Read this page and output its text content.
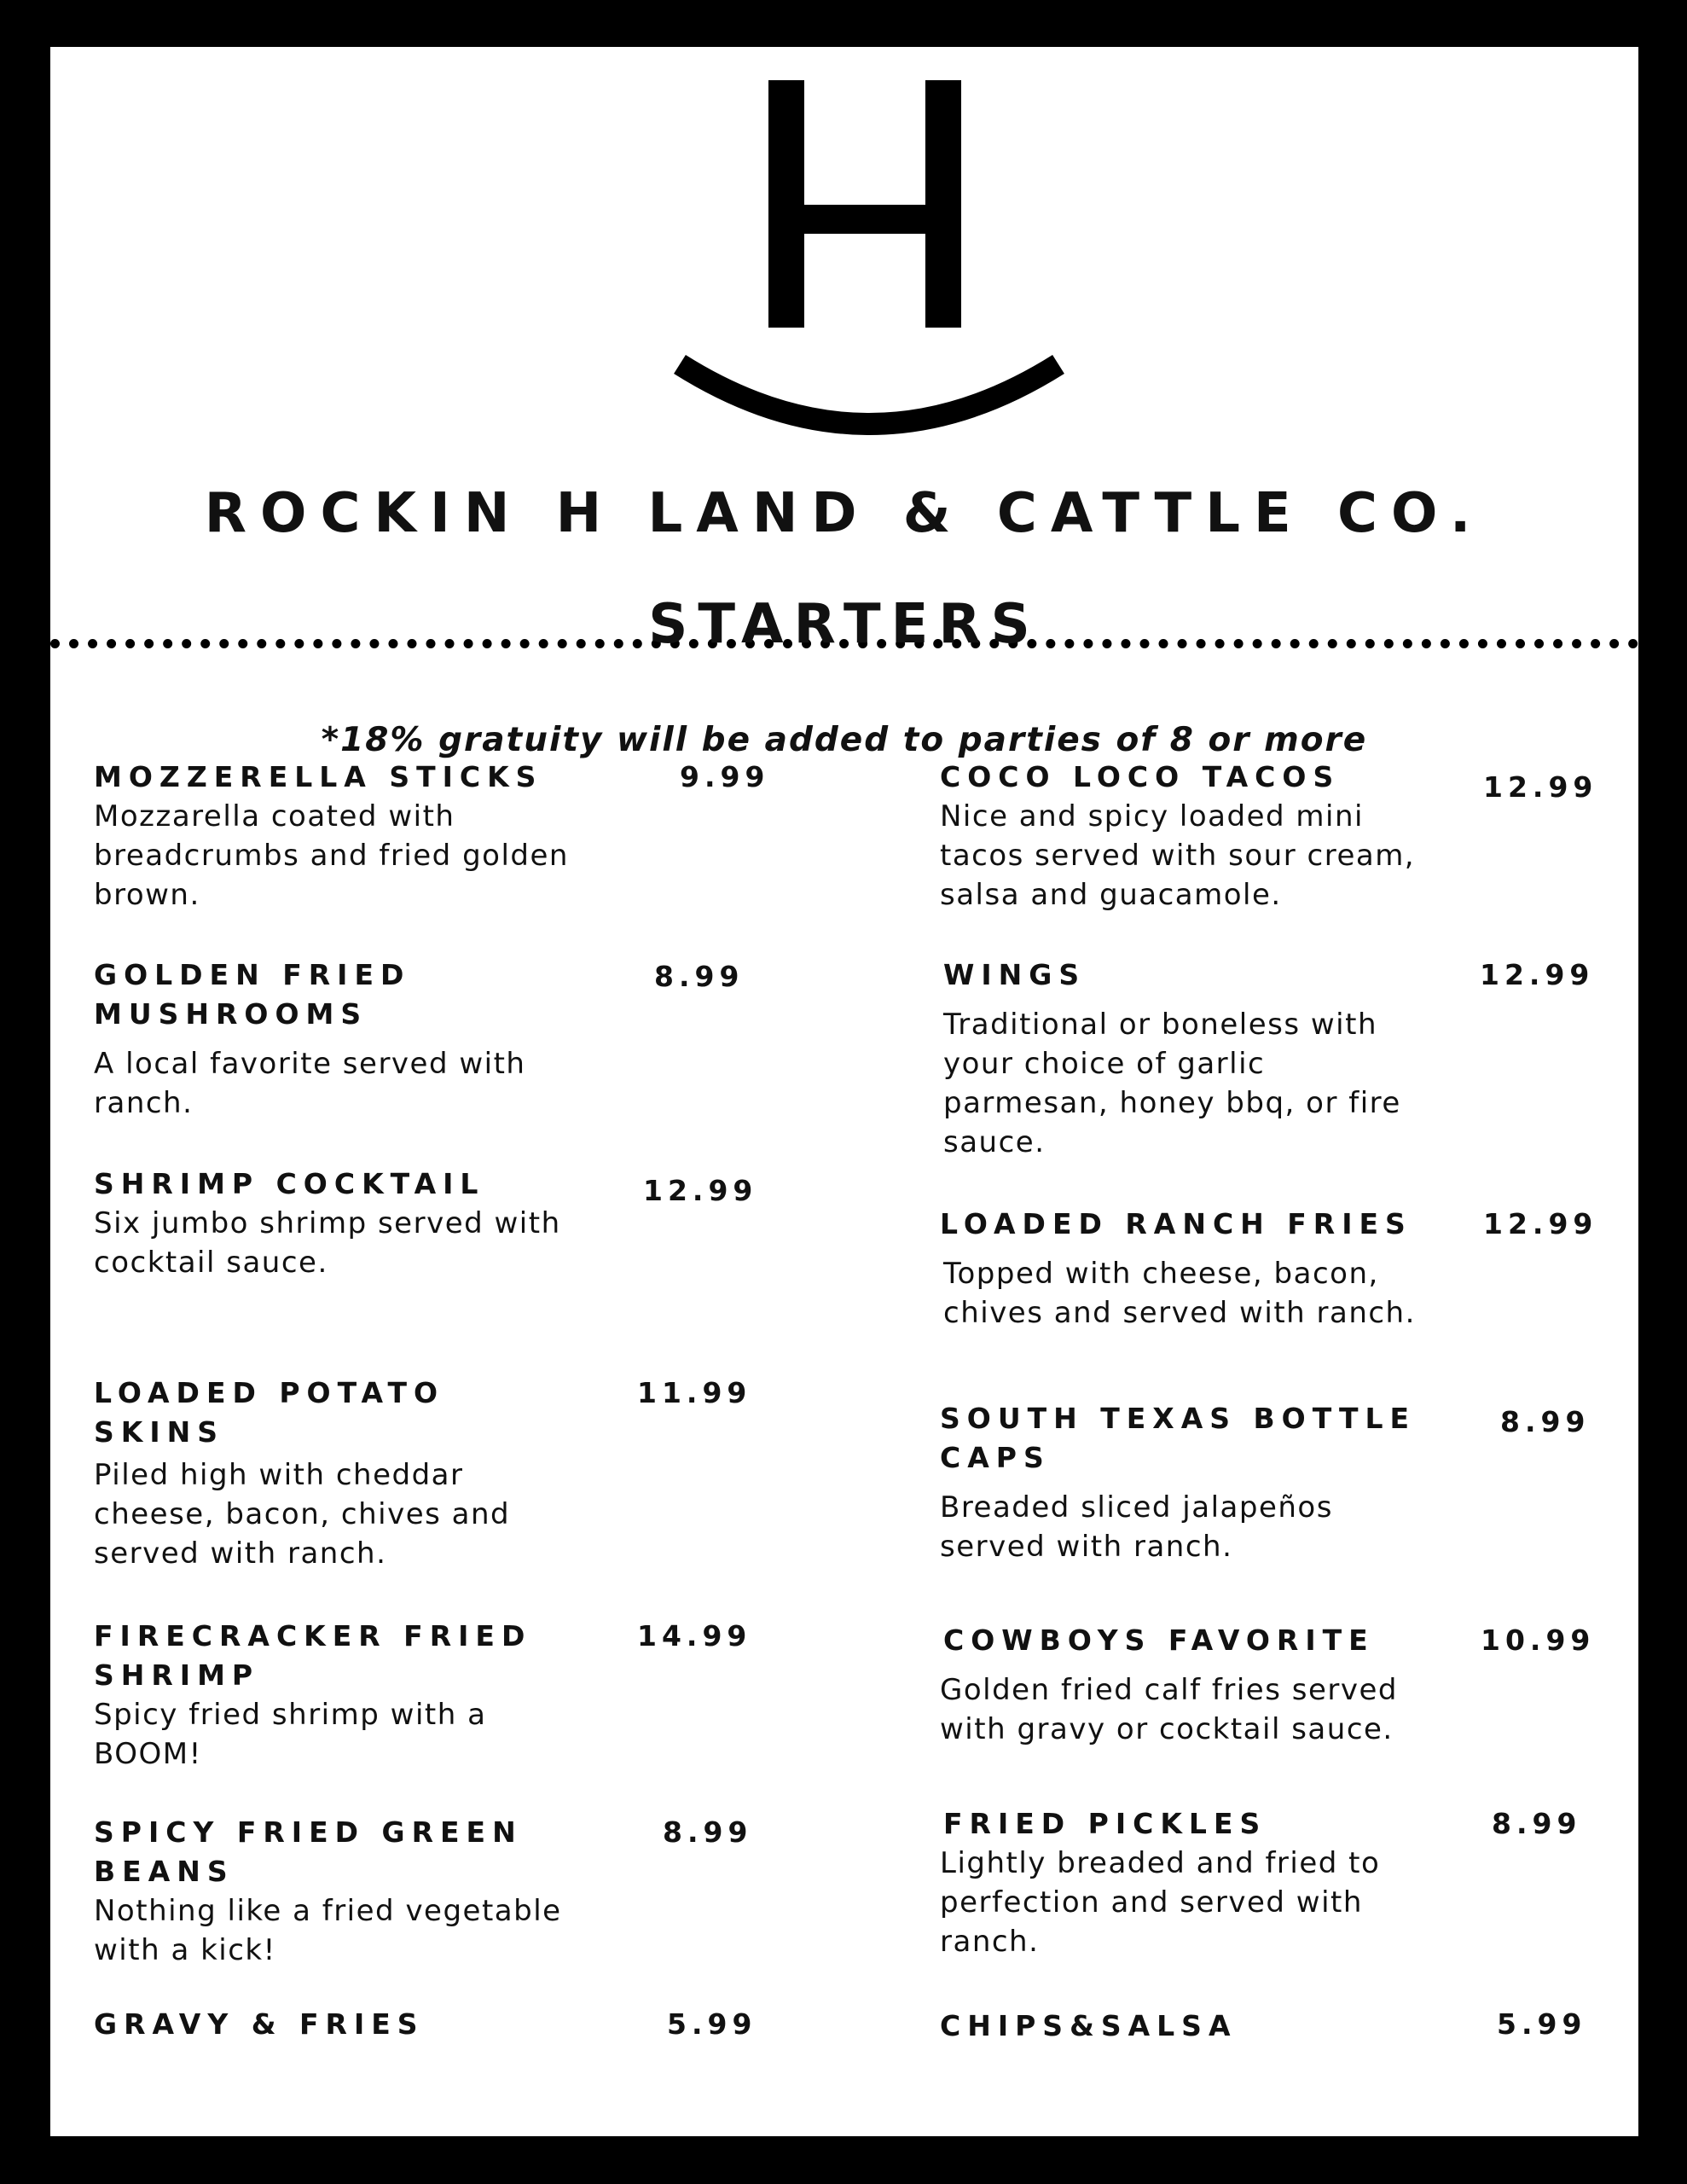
ROCKIN H LAND & CATTLE CO.
STARTERS
*18% gratuity will be added to parties of 8 or more
MOZZERELLA STICKS
Mozzarella coated with breadcrumbs and fried golden brown.
9.99
GOLDEN FRIED MUSHROOMS
A local favorite served with ranch.
8.99
SHRIMP COCKTAIL
Six jumbo shrimp served with cocktail sauce.
12.99
LOADED POTATO SKINS
Piled high with cheddar cheese, bacon, chives and served with ranch.
11.99
FIRECRACKER FRIED SHRIMP
Spicy fried shrimp with a BOOM!
14.99
SPICY FRIED GREEN BEANS
Nothing like a fried vegetable with a kick!
8.99
GRAVY & FRIES	5.99
COCO LOCO TACOS
Nice and spicy loaded mini tacos served with sour cream, salsa and guacamole.
12.99
WINGS
Traditional or boneless with your choice of garlic parmesan, honey bbq, or fire sauce.
12.99
LOADED RANCH FRIES
Topped with cheese, bacon, chives and served with ranch.
12.99
SOUTH TEXAS BOTTLE CAPS
Breaded sliced jalapeños served with ranch.
8.99
COWBOYS FAVORITE
Golden fried calf fries served with gravy or cocktail sauce.
10.99
FRIED PICKLES
Lightly breaded and fried to perfection and served with ranch.
8.99
CHIPS&SALSA	5.99
